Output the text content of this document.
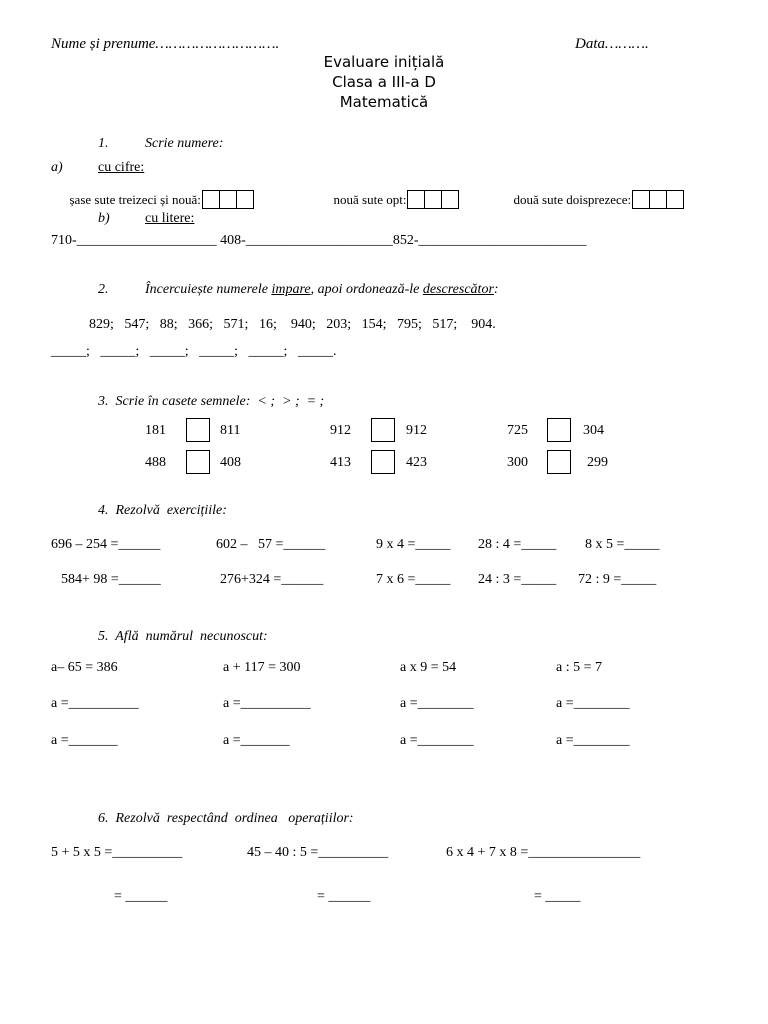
Nume și prenume……………………….	Data……….
Evaluare inițială
Clasa a III-a D
Matematică
1.	Scrie numere:
a)	cu cifre:

șase sute treizeci și nouă:	nouă sute opt:	două sute doisprezece:

b)	cu litere:
710-____________________ 408-_____________________852-________________________
2.	Încercuiește numerele impare, apoi ordonează-le descrescător:
829;   547;   88;   366;   571;   16;    940;   203;   154;   795;   517;    904.
_____;   _____;   _____;   _____;   _____;   _____.
3.  Scrie în casete semnele:  < ;  > ;  = ;
181	811	912	912	725	304
488	408	413	423	300	299
4.  Rezolvă  exercițiile:
696 – 254 =______	602 –   57 =______	9 x 4 =_____ 28 : 4 =_____ 8 x 5 =_____
584+ 98 =______	276+324 =______	7 x 6 =_____ 24 : 3 =_____ 72 : 9 =_____
5.  Află  numărul  necunoscut:
a– 65 = 386	a + 117 = 300	a x 9 = 54	a : 5 = 7
a =__________	a =__________	a =________	a =________
a =_______	a =_______	a =________	a =________
6.  Rezolvă  respectând  ordinea   operațiilor:
5 + 5 x 5 =__________	45 – 40 : 5 =__________	6 x 4 + 7 x 8 =________________
= ______	= ______	= _____
